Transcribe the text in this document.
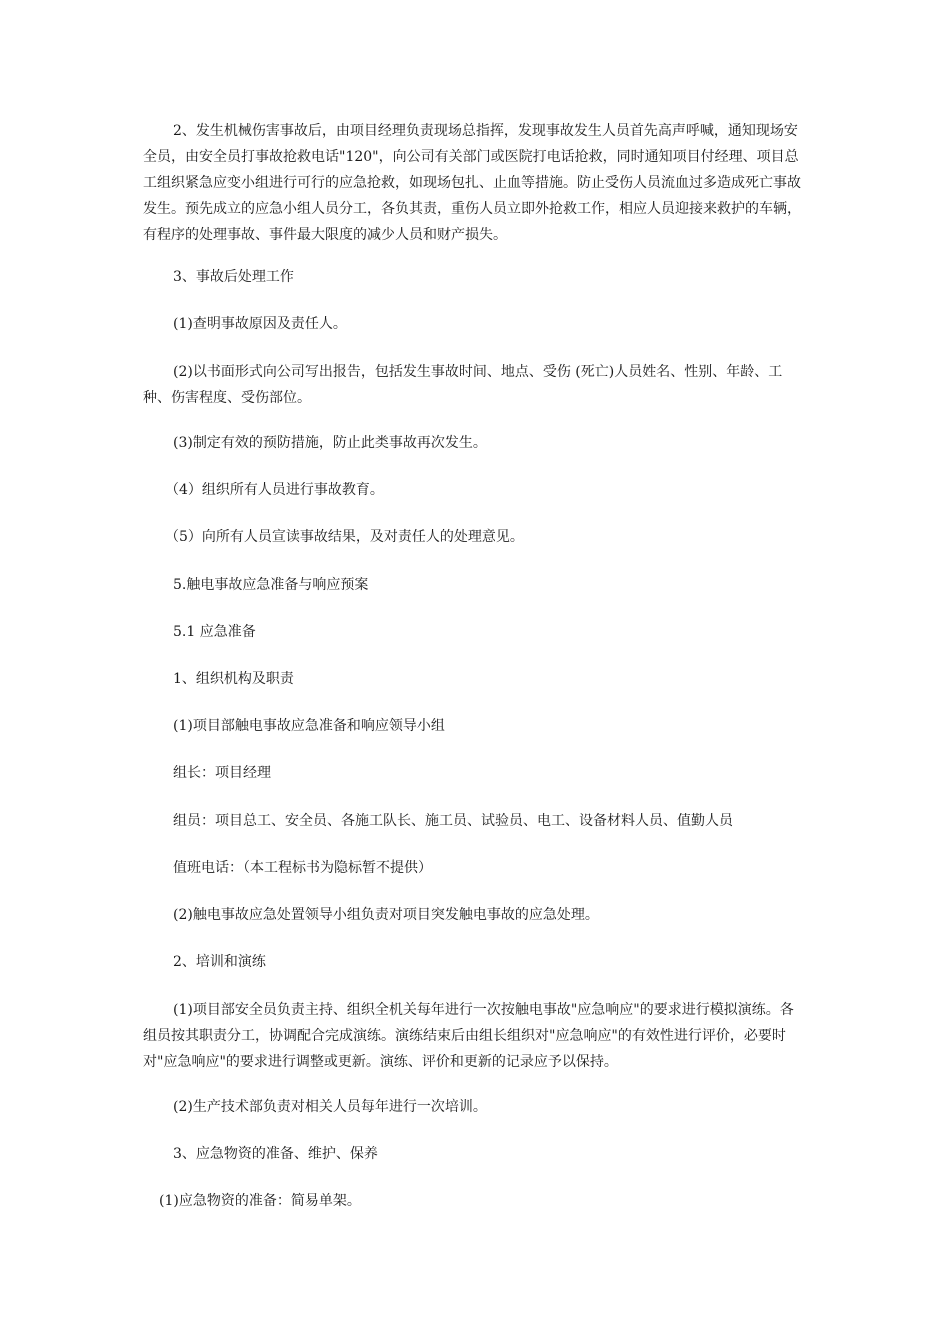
2、发生机械伤害事故后，由项目经理负责现场总指挥，发现事故发生人员首先高声呼喊，通知现场安全员，由安全员打事故抢救电话"120"，向公司有关部门或医院打电话抢救，同时通知项目付经理、项目总工组织紧急应变小组进行可行的应急抢救，如现场包扎、止血等措施。防止受伤人员流血过多造成死亡事故发生。预先成立的应急小组人员分工，各负其责，重伤人员立即外抢救工作，相应人员迎接来救护的车辆，有程序的处理事故、事件最大限度的减少人员和财产损失。

3、事故后处理工作

(1)查明事故原因及责任人。

(2)以书面形式向公司写出报告，包括发生事故时间、地点、受伤 (死亡)人员姓名、性别、年龄、工种、伤害程度、受伤部位。

(3)制定有效的预防措施，防止此类事故再次发生。

（4）组织所有人员进行事故教育。

（5）向所有人员宣读事故结果，及对责任人的处理意见。

5.触电事故应急准备与响应预案

5.1 应急准备

1、组织机构及职责

(1)项目部触电事故应急准备和响应领导小组

组长：项目经理

组员：项目总工、安全员、各施工队长、施工员、试验员、电工、设备材料人员、值勤人员

值班电话：（本工程标书为隐标暂不提供）

(2)触电事故应急处置领导小组负责对项目突发触电事故的应急处理。

2、培训和演练

(1)项目部安全员负责主持、组织全机关每年进行一次按触电事故"应急响应"的要求进行模拟演练。各组员按其职责分工，协调配合完成演练。演练结束后由组长组织对"应急响应"的有效性进行评价，必要时对"应急响应"的要求进行调整或更新。演练、评价和更新的记录应予以保持。

(2)生产技术部负责对相关人员每年进行一次培训。

3、应急物资的准备、维护、保养

(1)应急物资的准备：简易单架。
